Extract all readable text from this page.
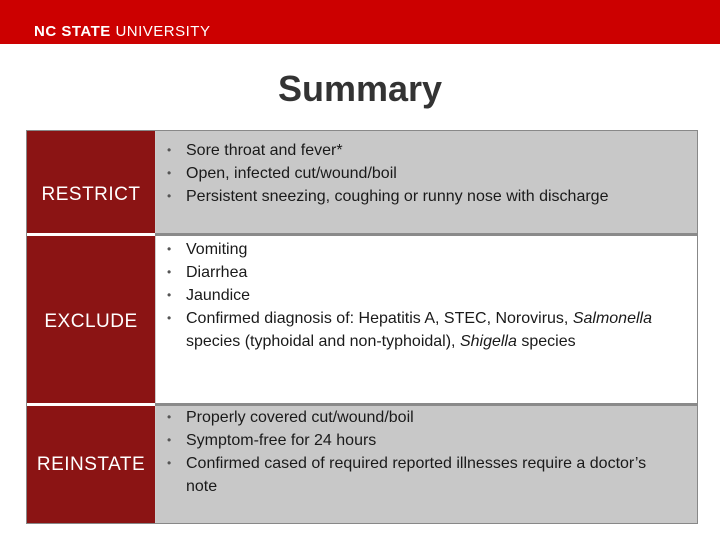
NC STATE UNIVERSITY
Summary
RESTRICT
• Sore throat and fever*
• Open, infected cut/wound/boil
• Persistent sneezing, coughing or runny nose with discharge
EXCLUDE
• Vomiting
• Diarrhea
• Jaundice
• Confirmed diagnosis of: Hepatitis A, STEC, Norovirus, Salmonella species (typhoidal and non-typhoidal), Shigella species
REINSTATE
• Properly covered cut/wound/boil
• Symptom-free for 24 hours
• Confirmed cased of required reported illnesses require a doctor’s note
